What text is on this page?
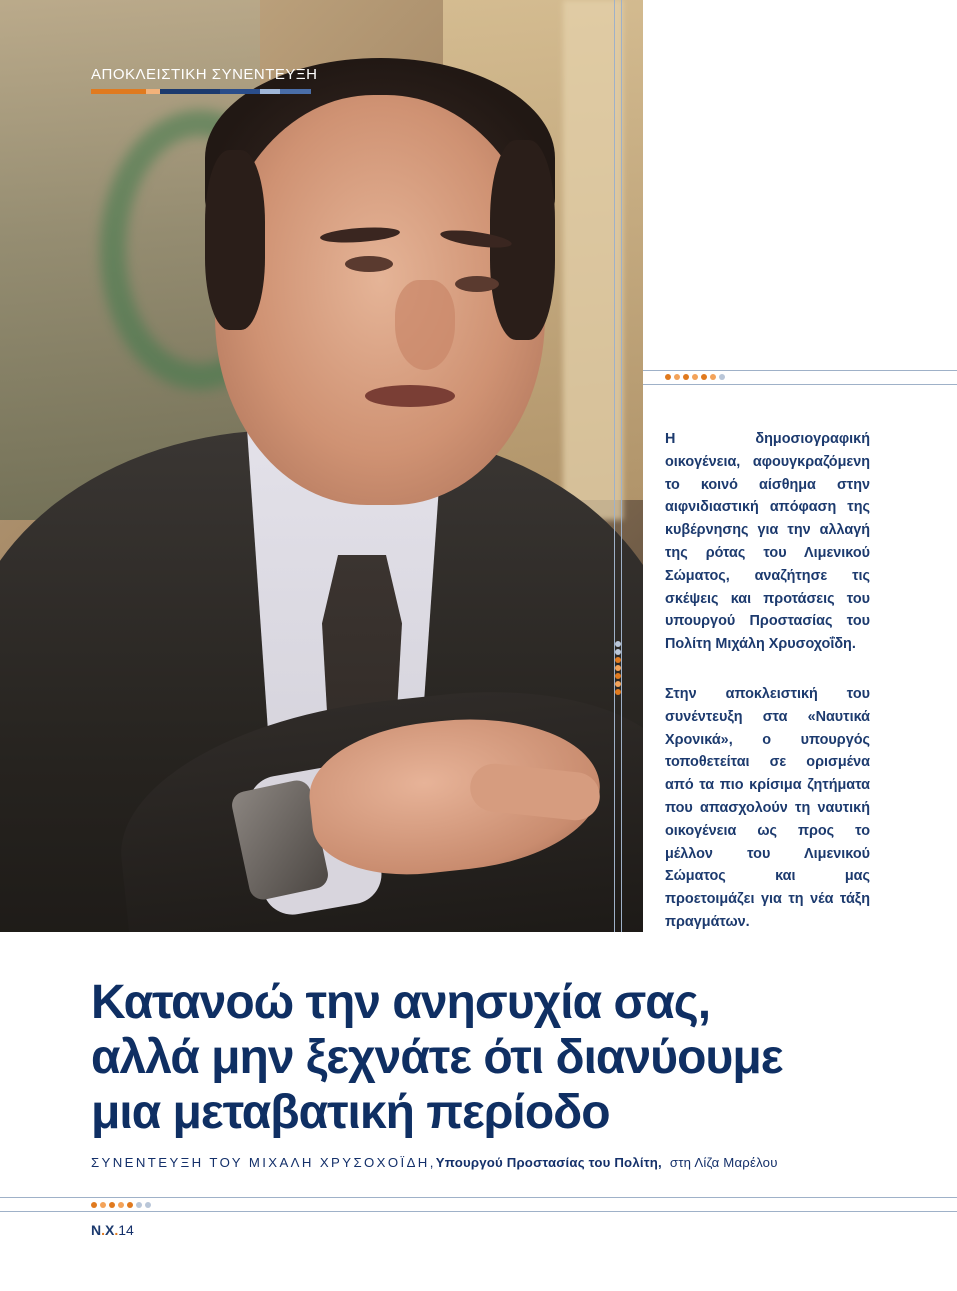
ΑΠΟΚΛΕΙΣΤΙΚΗ ΣΥΝΕΝΤΕΥΞΗ
Η δημοσιογραφική οικογένεια, αφουγκραζόμενη το κοινό αίσθημα στην αιφνιδιαστική απόφαση της κυβέρνησης για την αλλαγή της ρότας του Λιμενικού Σώματος, αναζήτησε τις σκέψεις και προτάσεις του υπουργού Προστασίας του Πολίτη Μιχάλη Χρυσοχοΐδη.
Στην αποκλειστική του συνέντευξη στα «Ναυτικά Χρονικά», ο υπουργός τοποθετείται σε ορισμένα από τα πιο κρίσιμα ζητήματα που απασχολούν τη ναυτική οικογένεια ως προς το μέλλον του Λιμενικού Σώματος και μας προετοιμάζει για τη νέα τάξη πραγμάτων.
Κατανοώ την ανησυχία σας,
αλλά μην ξεχνάτε ότι διανύουμε
μια μεταβατική περίοδο
ΣΥΝΕΝΤΕΥΞΗ ΤΟΥ ΜΙΧΑΛΗ ΧΡΥΣΟΧΟΪΔΗ,Υπουργού Προστασίας του Πολίτη, στη Λίζα Μαρέλου
Ν.Χ.14
